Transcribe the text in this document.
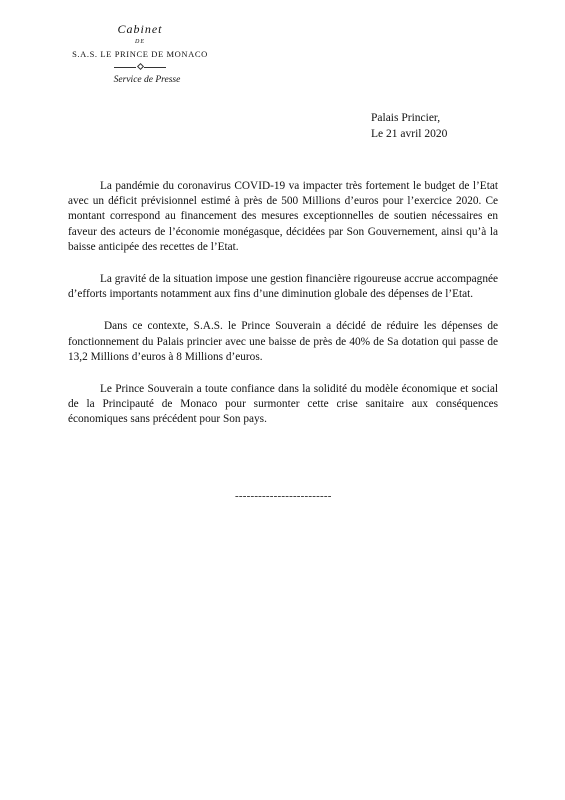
Cabinet
DE
S.A.S. LE PRINCE DE MONACO
Service de Presse
Palais Princier,
Le 21 avril 2020

La pandémie du coronavirus COVID-19 va impacter très fortement le budget de l’Etat avec un déficit prévisionnel estimé à près de 500 Millions d’euros pour l’exercice 2020. Ce montant correspond au financement des mesures exceptionnelles de soutien nécessaires en faveur des acteurs de l’économie monégasque, décidées par Son Gouvernement, ainsi qu’à la baisse anticipée des recettes de l’Etat.

La gravité de la situation impose une gestion financière rigoureuse accrue accompagnée d’efforts importants notamment aux fins d’une diminution globale des dépenses de l’Etat.

Dans ce contexte, S.A.S. le Prince Souverain a décidé de réduire les dépenses de fonctionnement du Palais princier avec une baisse de près de 40% de Sa dotation qui passe de 13,2 Millions d’euros à 8 Millions d’euros.

Le Prince Souverain a toute confiance dans la solidité du modèle économique et social de la Principauté de Monaco pour surmonter cette crise sanitaire aux conséquences économiques sans précédent pour Son pays.

-------------------------
